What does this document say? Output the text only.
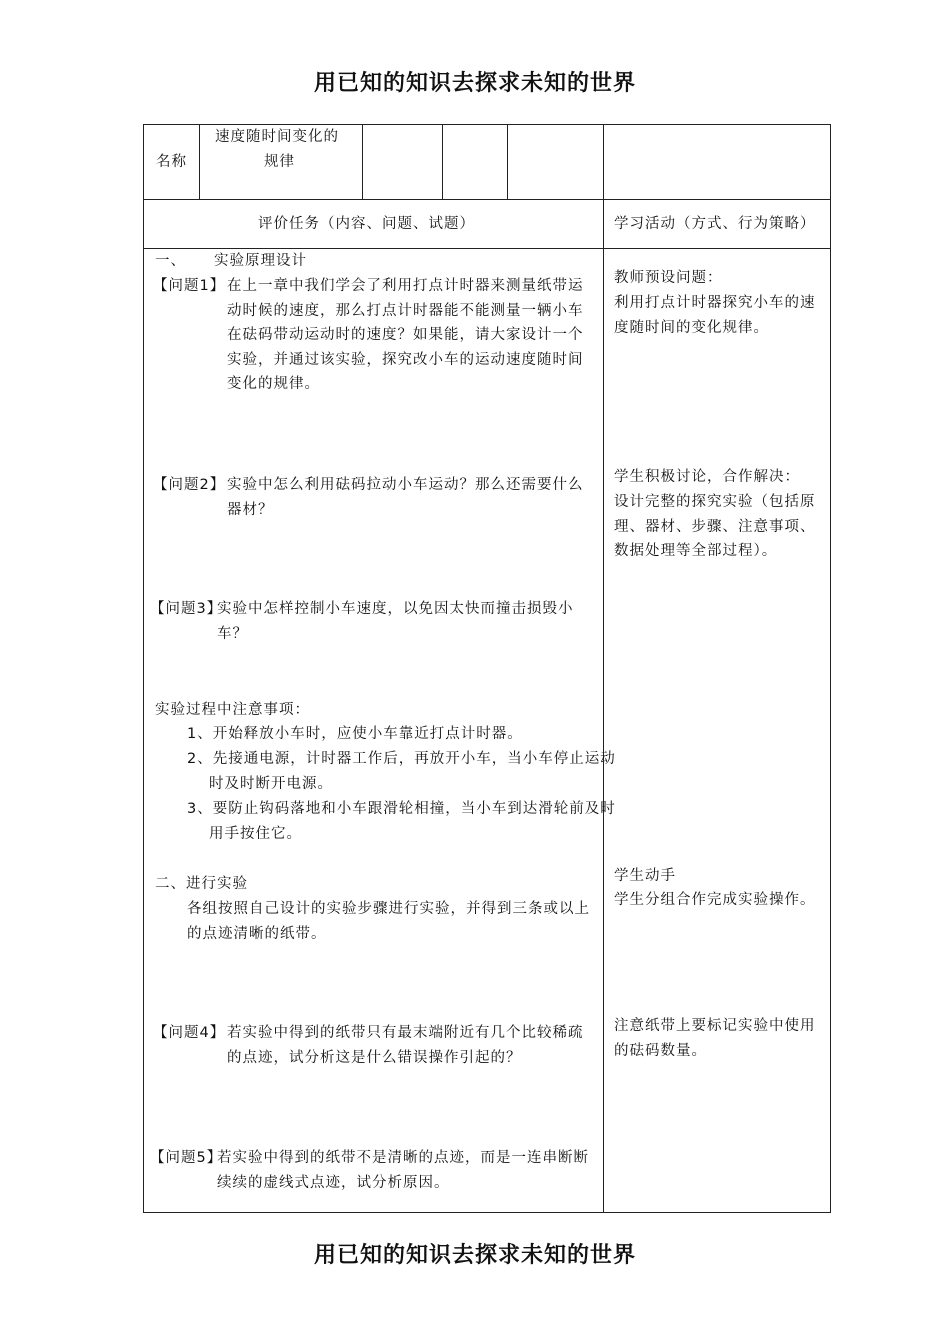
用已知的知识去探求未知的世界
用已知的知识去探求未知的世界
名称
速度随时间变化的
规律
评价任务（内容、问题、试题）	学习活动（方式、行为策略）
一、     实验原理设计
【问题1】 在上一章中我们学会了利用打点计时器来测量纸带运动时候的速度，那么打点计时器能不能测量一辆小车在砝码带动运动时的速度？如果能，请大家设计一个实验，并通过该实验，探究改小车的运动速度随时间变化的规律。
【问题2】 实验中怎么利用砝码拉动小车运动？那么还需要什么器材？
【问题3】
实验中怎样控制小车速度，以免因太快而撞击损毁小车？
实验过程中注意事项：
1、开始释放小车时，应使小车靠近打点计时器。
2、先接通电源，计时器工作后，再放开小车，当小车停止运动时及时断开电源。
3、要防止钩码落地和小车跟滑轮相撞，当小车到达滑轮前及时用手按住它。
二、进行实验
各组按照自己设计的实验步骤进行实验，并得到三条或以上的点迹清晰的纸带。
【问题4】 若实验中得到的纸带只有最末端附近有几个比较稀疏的点迹，试分析这是什么错误操作引起的？
【问题5】
若实验中得到的纸带不是清晰的点迹，而是一连串断断续续的虚线式点迹，试分析原因。
教师预设问题：
利用打点计时器探究小车的速度随时间的变化规律。
学生积极讨论，合作解决：
设计完整的探究实验（包括原理、器材、步骤、注意事项、数据处理等全部过程）。
学生动手
学生分组合作完成实验操作。
注意纸带上要标记实验中使用的砝码数量。
